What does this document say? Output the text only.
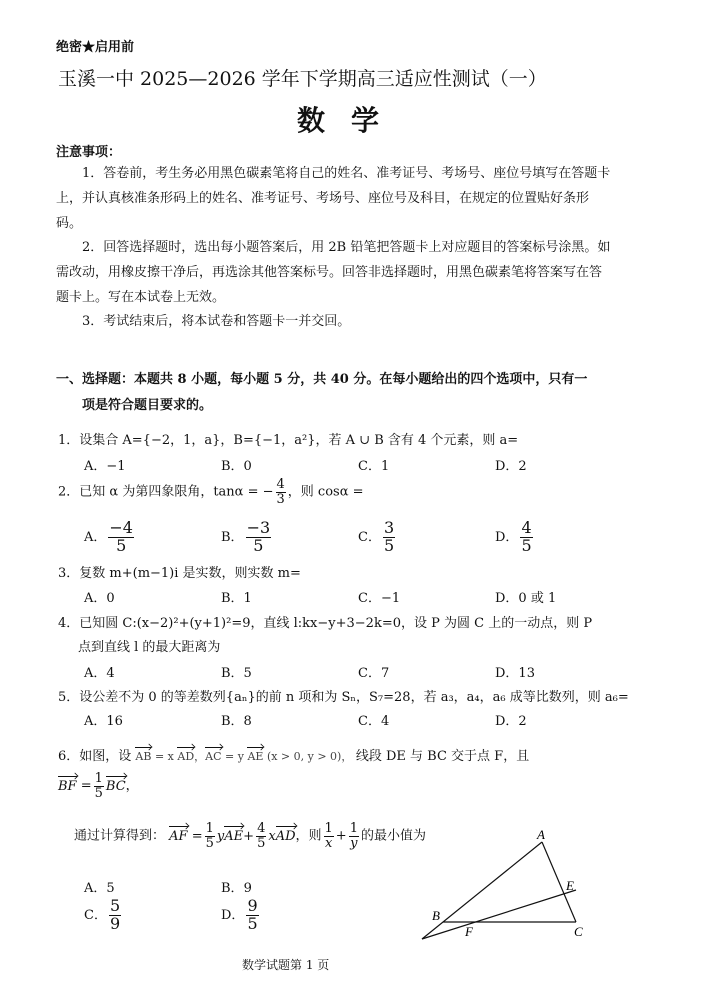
绝密★启用前
玉溪一中 2025—2026 学年下学期高三适应性测试（一）
数学
注意事项：
1．答卷前，考生务必用黑色碳素笔将自己的姓名、准考证号、考场号、座位号填写在答题卡上，并认真核准条形码上的姓名、准考证号、考场号、座位号及科目，在规定的位置贴好条形码。
2．回答选择题时，选出每小题答案后，用 2B 铅笔把答题卡上对应题目的答案标号涂黑。如需改动，用橡皮擦干净后，再选涂其他答案标号。回答非选择题时，用黑色碳素笔将答案写在答题卡上。写在本试卷上无效。
3．考试结束后，将本试卷和答题卡一并交回。
一、选择题：本题共 8 小题，每小题 5 分，共 40 分。在每小题给出的四个选项中，只有一
项是符合题目要求的。
1．设集合 A={−2，1，a}，B={−1，a²}，若 A ∪ B 含有 4 个元素，则 a=
A．−1	B．0	C．1	D．2
2．已知 α 为第四象限角，tanα = − $\frac{4}{3}$ ，则 cosα =
A． $\frac{-4}{5}$	B． $\frac{-3}{5}$	C． $\frac{3}{5}$	D． $\frac{4}{5}$
3．复数 m+(m−1)i 是实数，则实数 m=
A．0	B．1	C．−1	D．0 或 1
4．已知圆 C:(x−2)²+(y+1)²=9，直线 l:kx−y+3−2k=0，设 P 为圆 C 上的一动点，则 P
点到直线 l 的最大距离为
A．4	B．5	C．7	D．13
5．设公差不为 0 的等差数列{aₙ}的前 n 项和为 Sₙ，S₇=28，若 a₃，a₄，a₆ 成等比数列，则 a₆=
A．16	B．8	C．4	D．2
6．如图，设 AB = x AD，AC = y AE (x > 0, y > 0)， 线段 DE 与 BC 交于点 F，且
BF = $\frac{1}{5}$ BC，
通过计算得到： AF = $\frac{1}{5} yAE+ \frac{4}{5}$ xAD，则 $\frac{1}{x} + \frac{1}{y}$ 的最小值为
A．5	B．9
C． $\frac{5}{9}$	D． $\frac{9}{5}$
A
E
B
F	C
数学试题第 1 页
